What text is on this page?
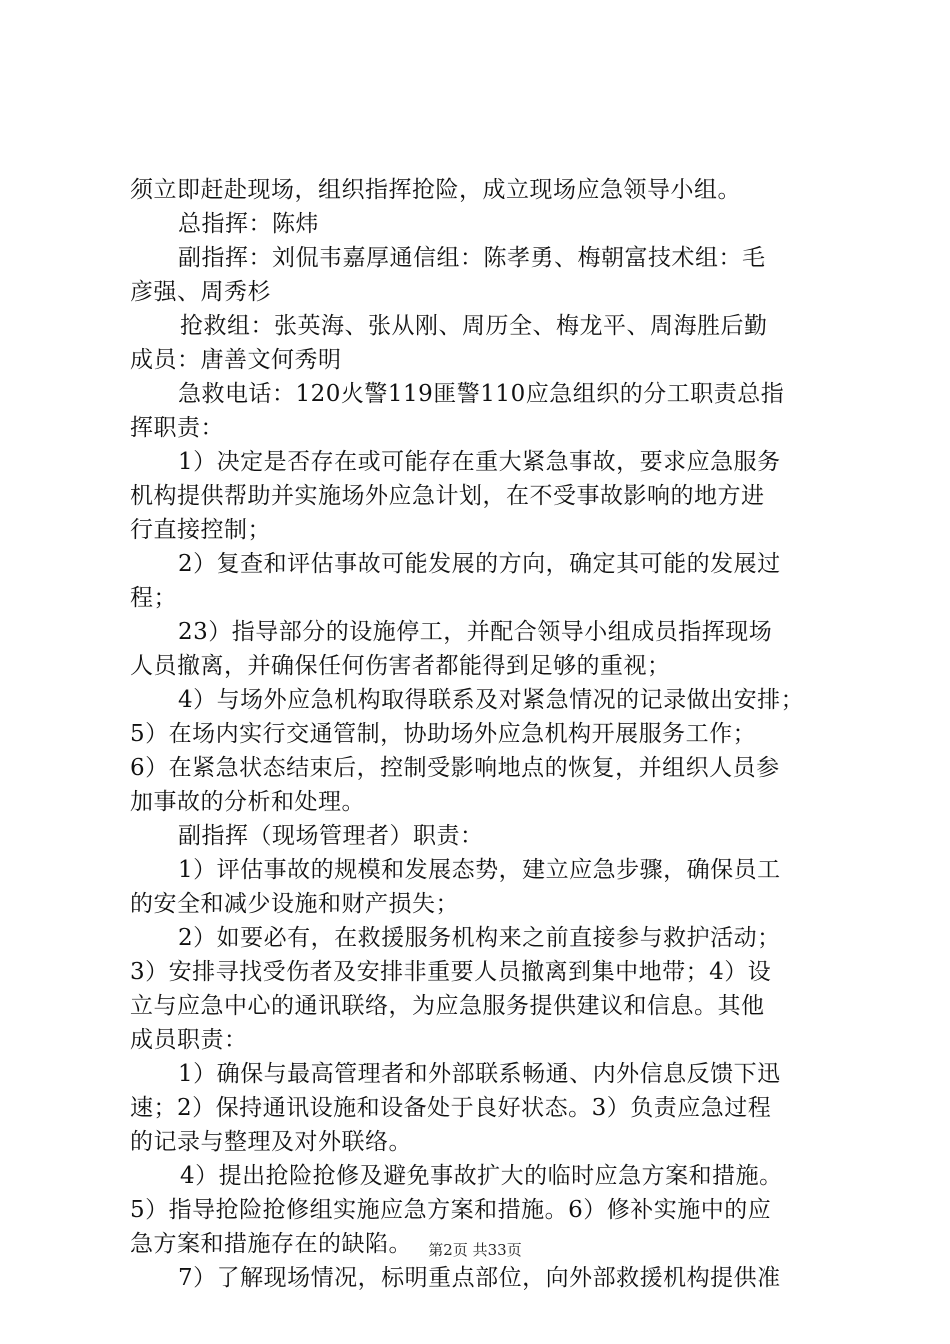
须立即赶赴现场，组织指挥抢险，成立现场应急领导小组。
总指挥：陈炜
副指挥：刘侃韦嘉厚通信组：陈孝勇、梅朝富技术组：毛
彦强、周秀杉
抢救组：张英海、张从刚、周历全、梅龙平、周海胜后勤
成员：唐善文何秀明
急救电话：120火警119匪警110应急组织的分工职责总指
挥职责：
1）决定是否存在或可能存在重大紧急事故，要求应急服务
机构提供帮助并实施场外应急计划，在不受事故影响的地方进
行直接控制；
2）复查和评估事故可能发展的方向，确定其可能的发展过
程；
23）指导部分的设施停工，并配合领导小组成员指挥现场
人员撤离，并确保任何伤害者都能得到足够的重视；
4）与场外应急机构取得联系及对紧急情况的记录做出安排；
5）在场内实行交通管制，协助场外应急机构开展服务工作；
6）在紧急状态结束后，控制受影响地点的恢复，并组织人员参
加事故的分析和处理。
副指挥（现场管理者）职责：
1）评估事故的规模和发展态势，建立应急步骤，确保员工
的安全和减少设施和财产损失；
2）如要必有，在救援服务机构来之前直接参与救护活动；
3）安排寻找受伤者及安排非重要人员撤离到集中地带；4）设
立与应急中心的通讯联络，为应急服务提供建议和信息。其他
成员职责：
1）确保与最高管理者和外部联系畅通、内外信息反馈下迅
速；2）保持通讯设施和设备处于良好状态。3）负责应急过程
的记录与整理及对外联络。
4）提出抢险抢修及避免事故扩大的临时应急方案和措施。
5）指导抢险抢修组实施应急方案和措施。6）修补实施中的应
急方案和措施存在的缺陷。
7）了解现场情况，标明重点部位，向外部救援机构提供准
第2页 共33页
